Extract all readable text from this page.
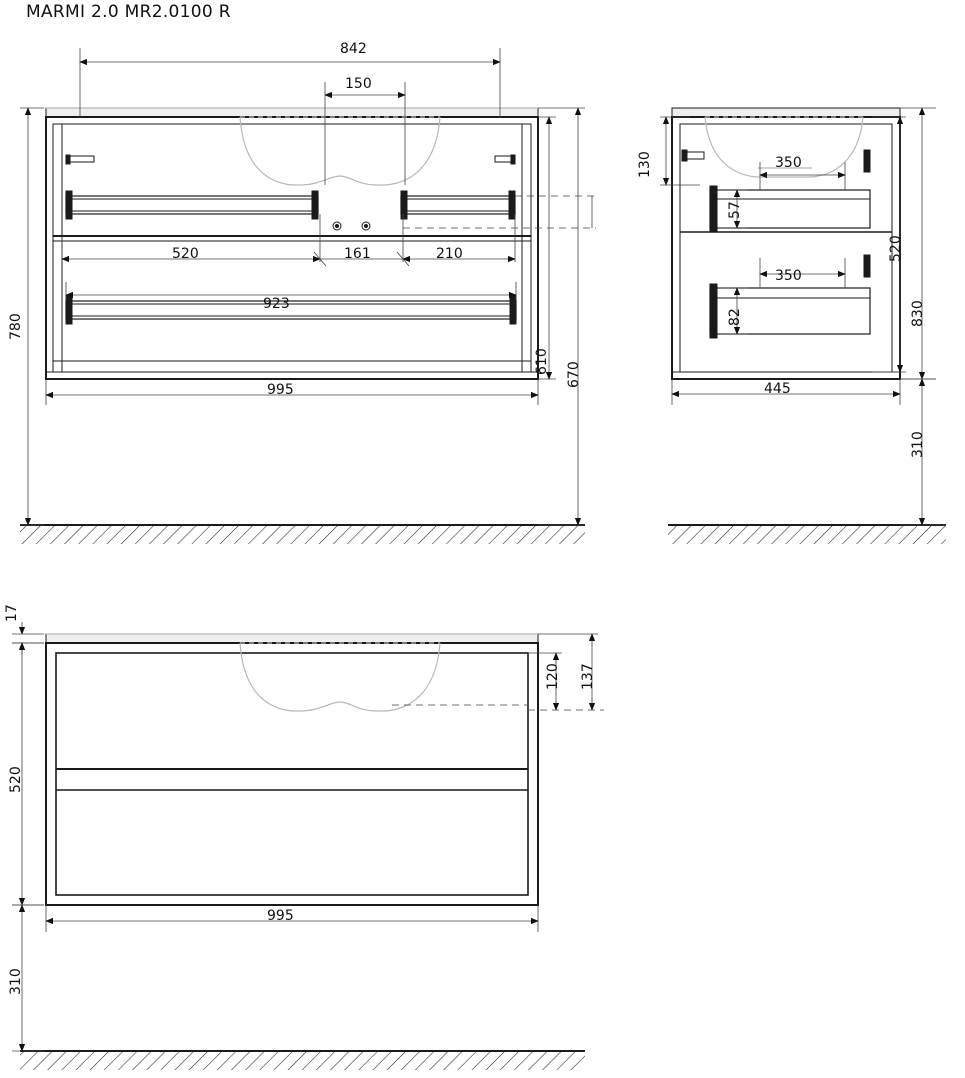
MARMI 2.0 MR2.0100 R
842
150
520	161	210
923
995
780
610 670
130	350
57
350
82
520
830
445
310
17
120 137
520
995
310
